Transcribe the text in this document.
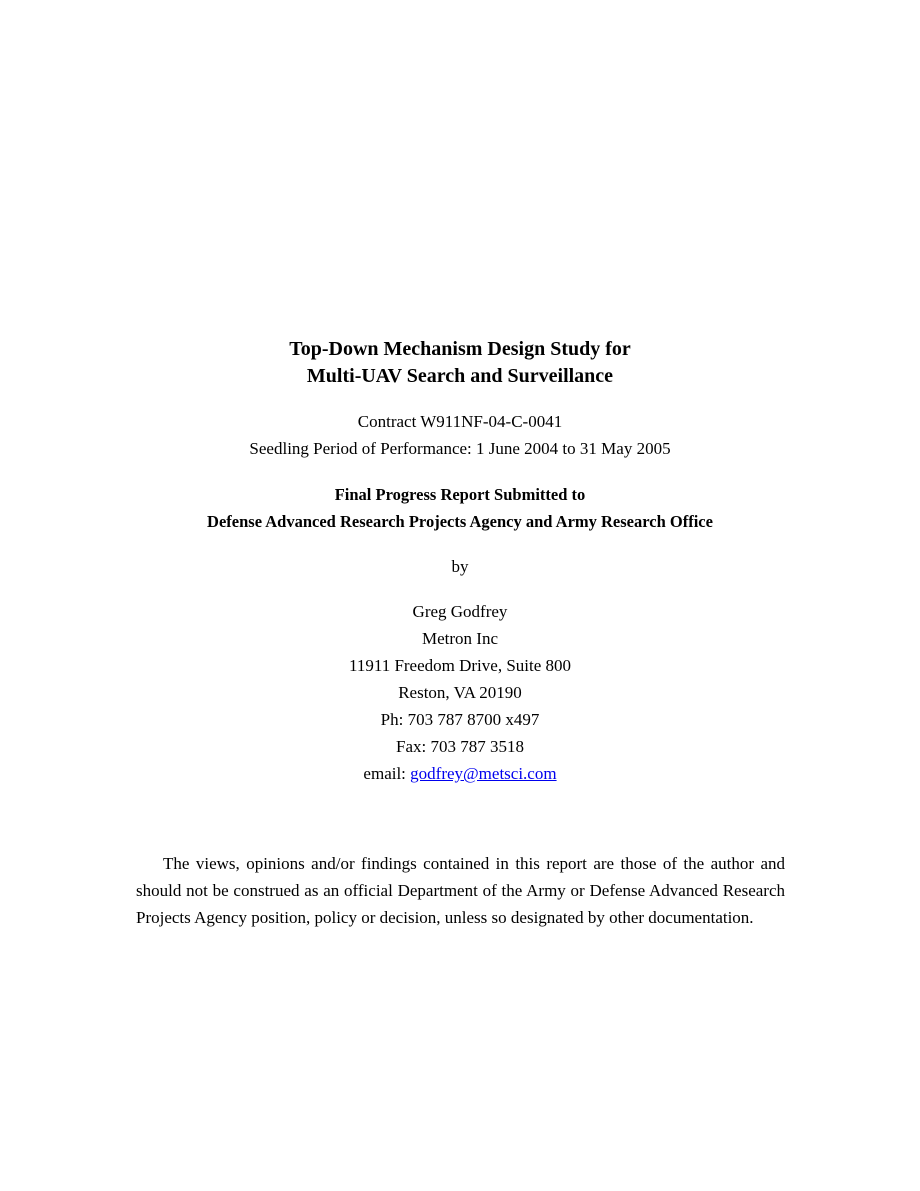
Top-Down Mechanism Design Study for
Multi-UAV Search and Surveillance
Contract W911NF-04-C-0041
Seedling Period of Performance: 1 June 2004 to 31 May 2005
Final Progress Report Submitted to
Defense Advanced Research Projects Agency and Army Research Office
by
Greg Godfrey
Metron Inc
11911 Freedom Drive, Suite 800
Reston, VA 20190
Ph: 703 787 8700 x497
Fax: 703 787 3518
email: godfrey@metsci.com
The views, opinions and/or findings contained in this report are those of the author and should not be construed as an official Department of the Army or Defense Advanced Research Projects Agency position, policy or decision, unless so designated by other documentation.
